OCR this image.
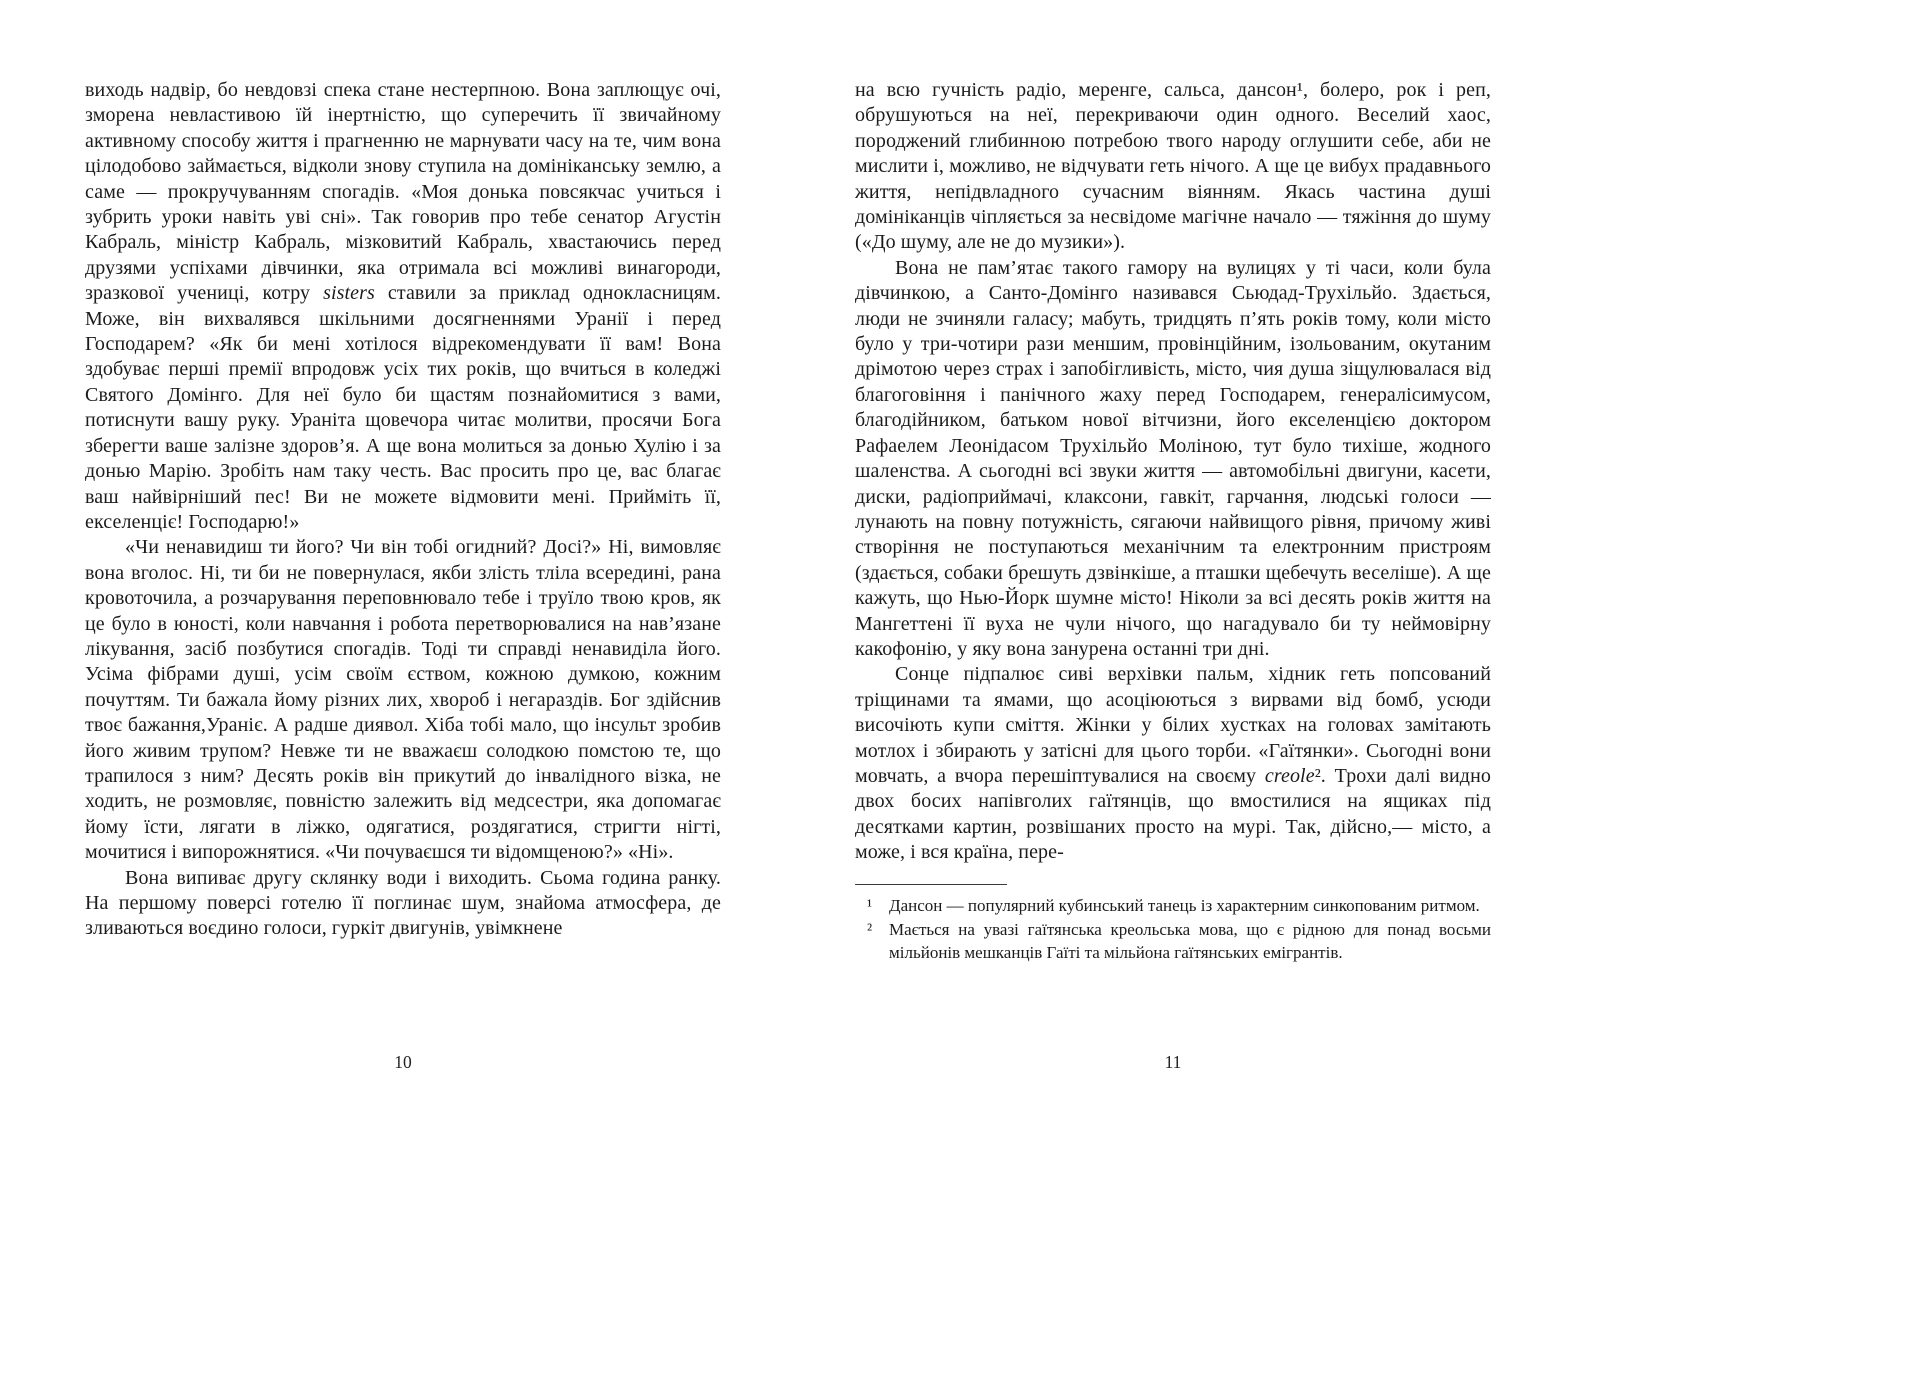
виходь надвір, бо невдовзі спека стане нестерпною. Вона заплющує очі, зморена невластивою їй інертністю, що суперечить її звичайному активному способу життя і прагненню не марнувати часу на те, чим вона цілодобово займається, відколи знову ступила на домініканську землю, а саме — прокручуванням спогадів. «Моя донька повсякчас учиться і зубрить уроки навіть уві сні». Так говорив про тебе сенатор Агустін Кабраль, міністр Кабраль, мізковитий Кабраль, хвастаючись перед друзями успіхами дівчинки, яка отримала всі можливі винагороди, зразкової учениці, котру sisters ставили за приклад однокласницям. Може, він вихвалявся шкільними досягненнями Уранії і перед Господарем? «Як би мені хотілося відрекомендувати її вам! Вона здобуває перші премії впродовж усіх тих років, що вчиться в коледжі Святого Домінго. Для неї було би щастям познайомитися з вами, потиснути вашу руку. Ураніта щовечора читає молитви, просячи Бога зберегти ваше залізне здоров’я. А ще вона молиться за донью Хулію і за донью Марію. Зробіть нам таку честь. Вас просить про це, вас благає ваш найвірніший пес! Ви не можете відмовити мені. Прийміть її, екселенціє! Господарю!»

«Чи ненавидиш ти його? Чи він тобі огидний? Досі?» Ні, вимовляє вона вголос. Ні, ти би не повернулася, якби злість тліла всередині, рана кровоточила, а розчарування переповнювало тебе і труїло твою кров, як це було в юності, коли навчання і робота перетворювалися на нав’язане лікування, засіб позбутися спогадів. Тоді ти справді ненавиділа його. Усіма фібрами душі, усім своїм єством, кожною думкою, кожним почуттям. Ти бажала йому різних лих, хвороб і негараздів. Бог здійснив твоє бажання,Ураніє. А радше диявол. Хіба тобі мало, що інсульт зробив його живим трупом? Невже ти не вважаєш солодкою помстою те, що трапилося з ним? Десять років він прикутий до інвалідного візка, не ходить, не розмовляє, повністю залежить від медсестри, яка допомагає йому їсти, лягати в ліжко, одягатися, роздягатися, стригти нігті, мочитися і випорожнятися. «Чи почуваєшся ти відомщеною?» «Ні».

Вона випиває другу склянку води і виходить. Сьома година ранку. На першому поверсі готелю її поглинає шум, знайома атмосфера, де зливаються воєдино голоси, гуркіт двигунів, увімкнене

10

на всю гучність радіо, меренге, сальса, дансон¹, болеро, рок і реп, обрушуються на неї, перекриваючи один одного. Веселий хаос, породжений глибинною потребою твого народу оглушити себе, аби не мислити і, можливо, не відчувати геть нічого. А ще це вибух прадавнього життя, непідвладного сучасним віянням. Якась частина душі домініканців чіпляється за несвідоме магічне начало — тяжіння до шуму («До шуму, але не до музики»).

Вона не пам’ятає такого гамору на вулицях у ті часи, коли була дівчинкою, а Санто-Домінго називався Сьюдад-Трухільйо. Здається, люди не зчиняли галасу; мабуть, тридцять п’ять років тому, коли місто було у три-чотири рази меншим, провінційним, ізольованим, окутаним дрімотою через страх і запобігливість, місто, чия душа зіщулювалася від благоговіння і панічного жаху перед Господарем, генералісимусом, благодійником, батьком нової вітчизни, його екселенцією доктором Рафаелем Леонідасом Трухільйо Моліною, тут було тихіше, жодного шаленства. А сьогодні всі звуки життя — автомобільні двигуни, касети, диски, радіоприймачі, клаксони, гавкіт, гарчання, людські голоси — лунають на повну потужність, сягаючи найвищого рівня, причому живі створіння не поступаються механічним та електронним пристроям (здається, собаки брешуть дзвінкіше, а пташки щебечуть веселіше). А ще кажуть, що Нью-Йорк шумне місто! Ніколи за всі десять років життя на Мангеттені її вуха не чули нічого, що нагадувало би ту неймовірну какофонію, у яку вона занурена останні три дні.

Сонце підпалює сиві верхівки пальм, хідник геть попсований тріщинами та ямами, що асоціюються з вирвами від бомб, усюди височіють купи сміття. Жінки у білих хустках на головах замітають мотлох і збирають у затісні для цього торби. «Гаїтянки». Сьогодні вони мовчать, а вчора перешіптувалися на своєму creole². Трохи далі видно двох босих напівголих гаїтянців, що вмостилися на ящиках під десятками картин, розвішаних просто на мурі. Так, дійсно,— місто, а може, і вся країна, пере-

¹ Дансон — популярний кубинський танець із характерним синкопованим ритмом.

² Мається на увазі гаїтянська креольська мова, що є рідною для понад восьми мільйонів мешканців Гаїті та мільйона гаїтянських емігрантів.

11
